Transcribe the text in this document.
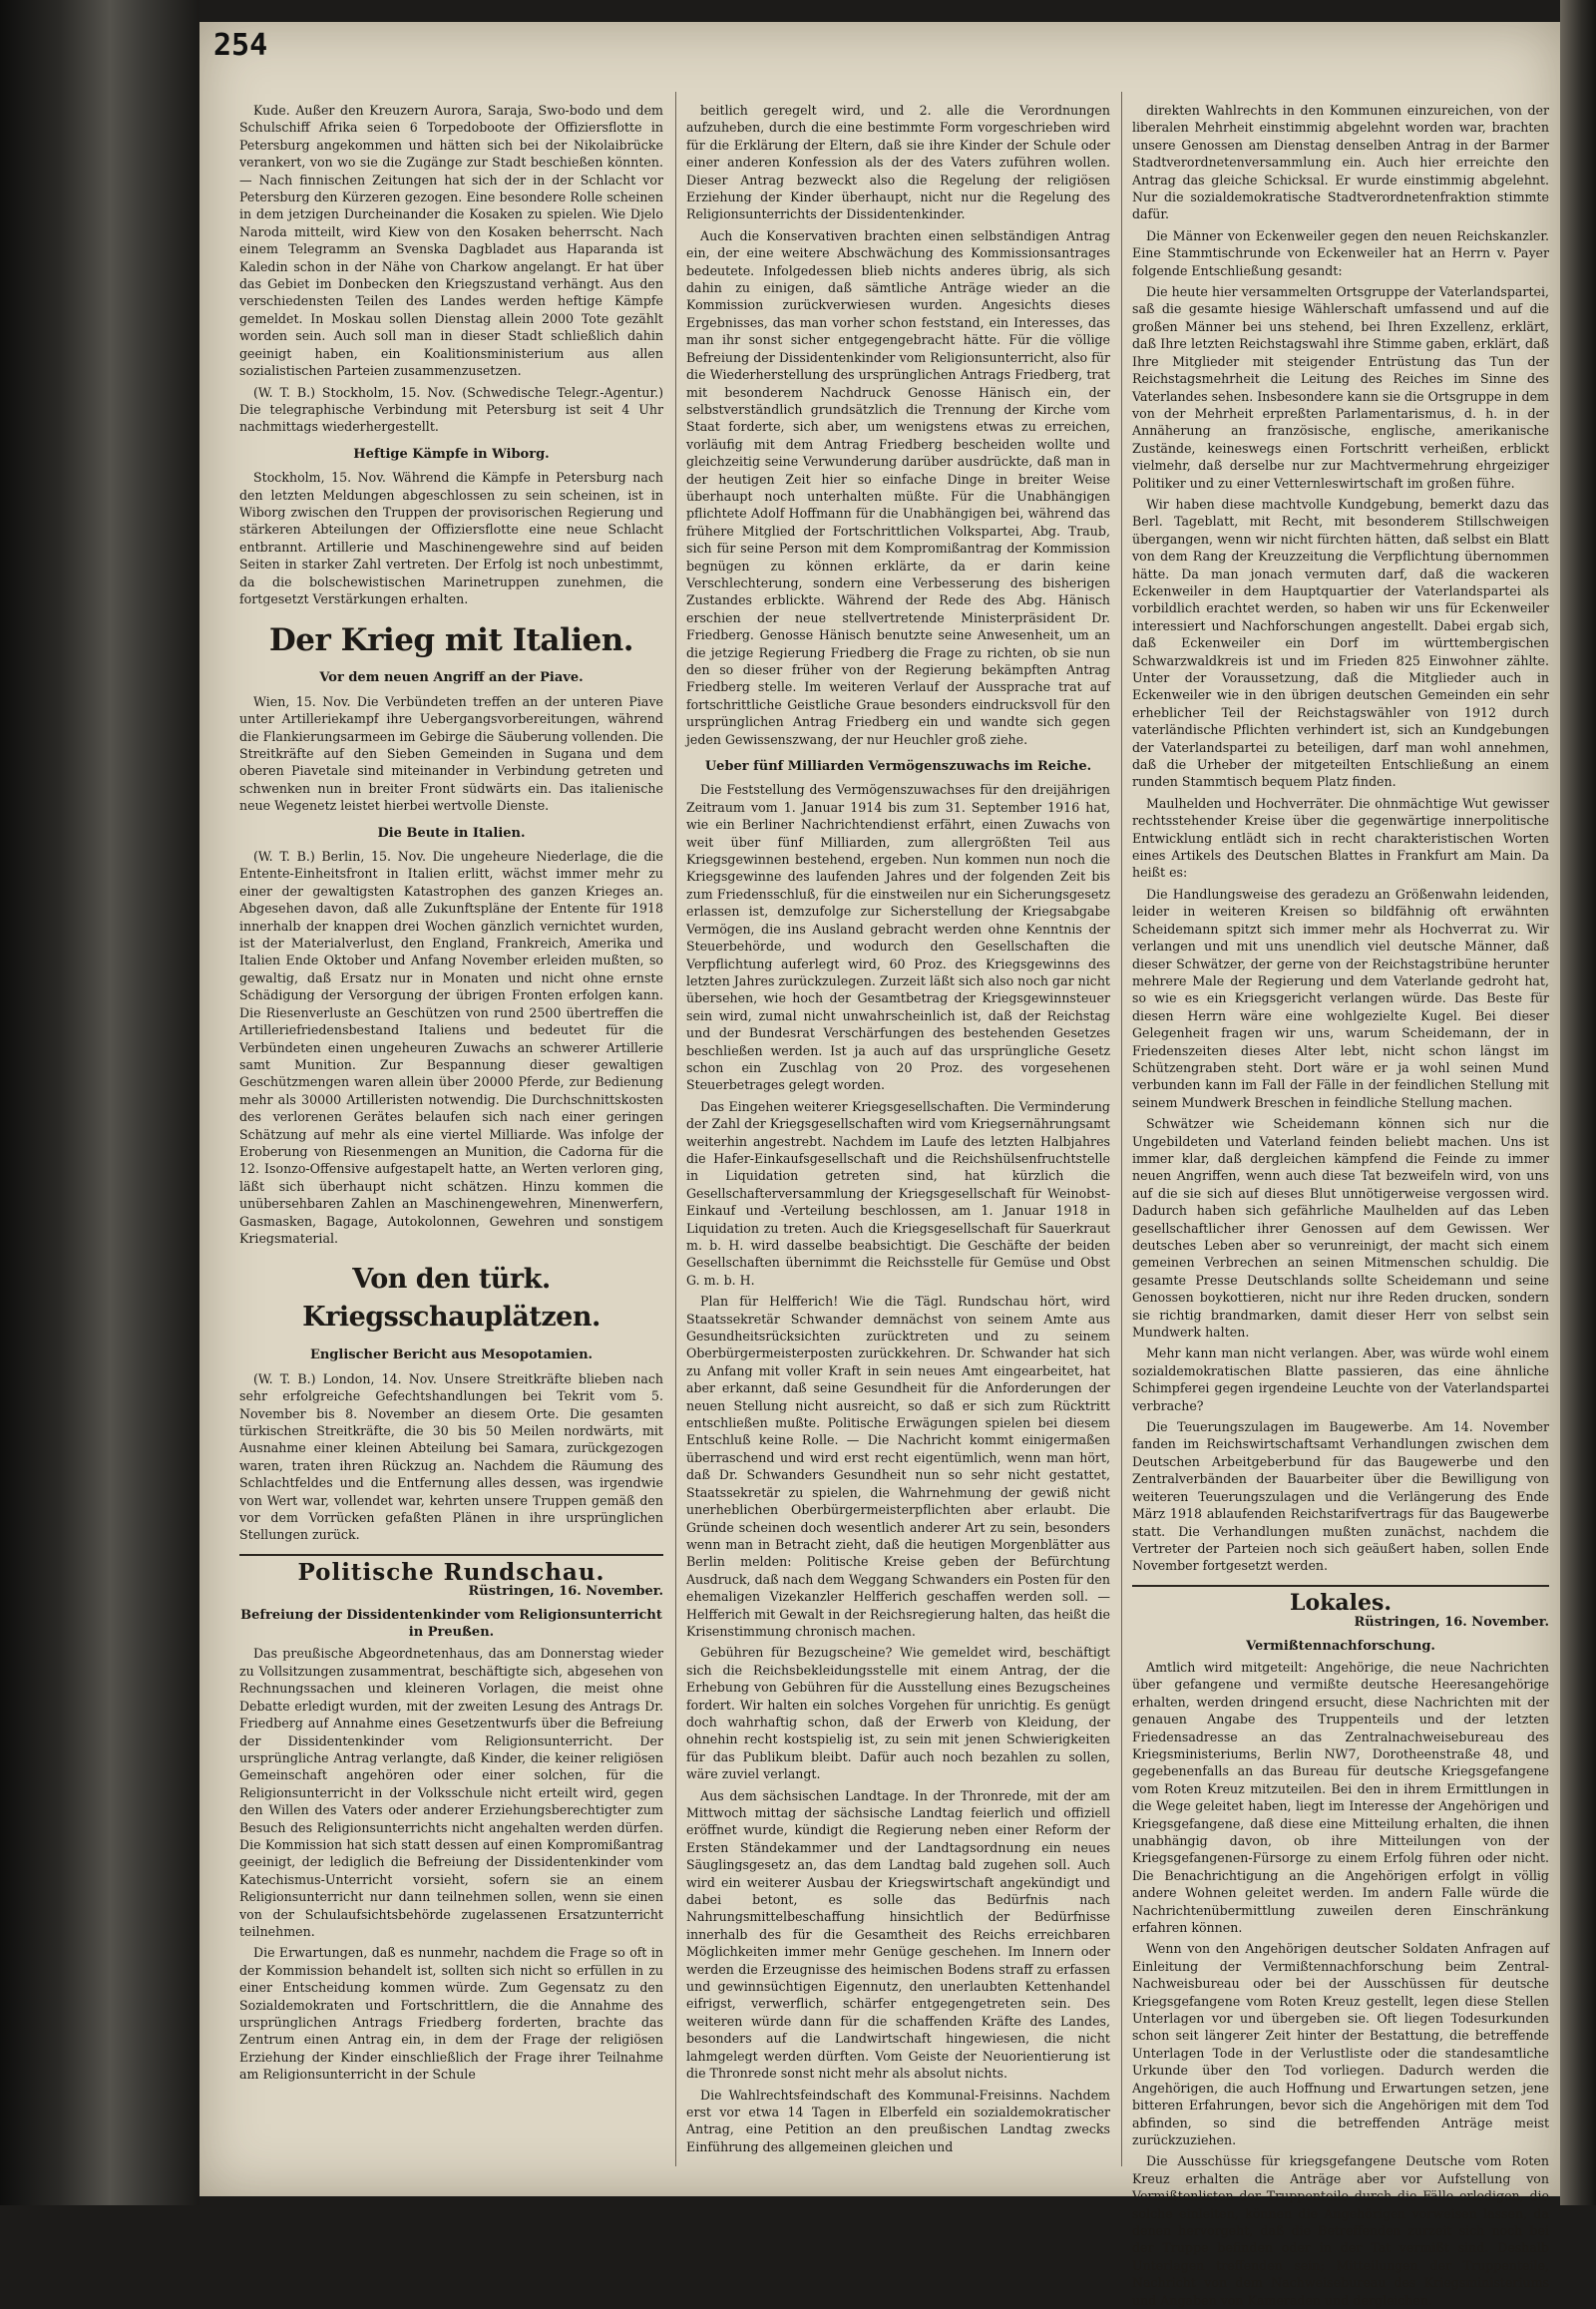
254

Kude. Außer den Kreuzern Aurora, Saraja, Swo-bodo und dem Schulschiff Afrika seien 6 Torpedoboote der Offiziersflotte in Petersburg angekommen und hätten sich bei der Nikolaibrücke verankert, von wo sie die Zugänge zur Stadt beschießen könnten. — Nach finnischen Zeitungen hat sich der in der Schlacht vor Petersburg den Kürzeren gezogen. Eine besondere Rolle scheinen in dem jetzigen Durcheinander die Kosaken zu spielen. Wie Djelo Naroda mitteilt, wird Kiew von den Kosaken beherrscht. Nach einem Telegramm an Svenska Dagbladet aus Haparanda ist Kaledin schon in der Nähe von Charkow angelangt. Er hat über das Gebiet im Donbecken den Kriegszustand verhängt. Aus den verschiedensten Teilen des Landes werden heftige Kämpfe gemeldet. In Moskau sollen Dienstag allein 2000 Tote gezählt worden sein. Auch soll man in dieser Stadt schließlich dahin geeinigt haben, ein Koalitionsministerium aus allen sozialistischen Parteien zusammenzusetzen.

(W. T. B.) Stockholm, 15. Nov. (Schwedische Telegr.-Agentur.) Die telegraphische Verbindung mit Petersburg ist seit 4 Uhr nachmittags wiederhergestellt.

Heftige Kämpfe in Wiborg.

Stockholm, 15. Nov. Während die Kämpfe in Petersburg nach den letzten Meldungen abgeschlossen zu sein scheinen, ist in Wiborg zwischen den Truppen der provisorischen Regierung und stärkeren Abteilungen der Offiziersflotte eine neue Schlacht entbrannt. Artillerie und Maschinengewehre sind auf beiden Seiten in starker Zahl vertreten. Der Erfolg ist noch unbestimmt, da die bolschewistischen Marinetruppen zunehmen, die fortgesetzt Verstärkungen erhalten.

Der Krieg mit Italien.
Vor dem neuen Angriff an der Piave.

Wien, 15. Nov. Die Verbündeten treffen an der unteren Piave unter Artilleriekampf ihre Uebergangsvorbereitungen, während die Flankierungsarmeen im Gebirge die Säuberung vollenden. Die Streitkräfte auf den Sieben Gemeinden in Sugana und dem oberen Piavetale sind miteinander in Verbindung getreten und schwenken nun in breiter Front südwärts ein. Das italienische neue Wegenetz leistet hierbei wertvolle Dienste.

Die Beute in Italien.

(W. T. B.) Berlin, 15. Nov. Die ungeheure Niederlage, die die Entente-Einheitsfront in Italien erlitt, wächst immer mehr zu einer der gewaltigsten Katastrophen des ganzen Krieges an. Abgesehen davon, daß alle Zukunftspläne der Entente für 1918 innerhalb der knappen drei Wochen gänzlich vernichtet wurden, ist der Materialverlust, den England, Frankreich, Amerika und Italien Ende Oktober und Anfang November erleiden mußten, so gewaltig, daß Ersatz nur in Monaten und nicht ohne ernste Schädigung der Versorgung der übrigen Fronten erfolgen kann. Die Riesenverluste an Geschützen von rund 2500 übertreffen die Artilleriefriedensbestand Italiens und bedeutet für die Verbündeten einen ungeheuren Zuwachs an schwerer Artillerie samt Munition. Zur Bespannung dieser gewaltigen Geschützmengen waren allein über 20000 Pferde, zur Bedienung mehr als 30000 Artilleristen notwendig. Die Durchschnittskosten des verlorenen Gerätes belaufen sich nach einer geringen Schätzung auf mehr als eine viertel Milliarde. Was infolge der Eroberung von Riesenmengen an Munition, die Cadorna für die 12. Isonzo-Offensive aufgestapelt hatte, an Werten verloren ging, läßt sich überhaupt nicht schätzen. Hinzu kommen die unübersehbaren Zahlen an Maschinengewehren, Minenwerfern, Gasmasken, Bagage, Autokolonnen, Gewehren und sonstigem Kriegsmaterial.

Von den türk. Kriegsschauplätzen.
Englischer Bericht aus Mesopotamien.

(W. T. B.) London, 14. Nov. Unsere Streitkräfte blieben nach sehr erfolgreiche Gefechtshandlungen bei Tekrit vom 5. November bis 8. November an diesem Orte. Die gesamten türkischen Streitkräfte, die 30 bis 50 Meilen nordwärts, mit Ausnahme einer kleinen Abteilung bei Samara, zurückgezogen waren, traten ihren Rückzug an. Nachdem die Räumung des Schlachtfeldes und die Entfernung alles dessen, was irgendwie von Wert war, vollendet war, kehrten unsere Truppen gemäß den vor dem Vorrücken gefaßten Plänen in ihre ursprünglichen Stellungen zurück.

Politische Rundschau.
Rüstringen, 16. November.
Befreiung der Dissidentenkinder vom Religionsunterricht in Preußen.

Das preußische Abgeordnetenhaus, das am Donnerstag wieder zu Vollsitzungen zusammentrat, beschäftigte sich, abgesehen von Rechnungssachen und kleineren Vorlagen, die meist ohne Debatte erledigt wurden, mit der zweiten Lesung des Antrags Dr. Friedberg auf Annahme eines Gesetzentwurfs über die Befreiung der Dissidentenkinder vom Religionsunterricht. Der ursprüngliche Antrag verlangte, daß Kinder, die keiner religiösen Gemeinschaft angehören oder einer solchen, für die Religionsunterricht in der Volksschule nicht erteilt wird, gegen den Willen des Vaters oder anderer Erziehungsberechtigter zum Besuch des Religionsunterrichts nicht angehalten werden dürfen. Die Kommission hat sich statt dessen auf einen Kompromißantrag geeinigt, der lediglich die Befreiung der Dissidentenkinder vom Katechismus-Unterricht vorsieht, sofern sie an einem Religionsunterricht nur dann teilnehmen sollen, wenn sie einen von der Schulaufsichtsbehörde zugelassenen Ersatzunterricht teilnehmen.

Die Erwartungen, daß es nunmehr, nachdem die Frage so oft in der Kommission behandelt ist, sollten sich nicht so erfüllen in zu einer Entscheidung kommen würde. Zum Gegensatz zu den Sozialdemokraten und Fortschrittlern, die die Annahme des ursprünglichen Antrags Friedberg forderten, brachte das Zentrum einen Antrag ein, in dem der Frage der religiösen Erziehung der Kinder einschließlich der Frage ihrer Teilnahme am Religionsunterricht in der Schule

beitlich geregelt wird, und 2. alle die Verordnungen aufzuheben, durch die eine bestimmte Form vorgeschrieben wird für die Erklärung der Eltern, daß sie ihre Kinder der Schule oder einer anderen Konfession als der des Vaters zuführen wollen. Dieser Antrag bezweckt also die Regelung der religiösen Erziehung der Kinder überhaupt, nicht nur die Regelung des Religionsunterrichts der Dissidentenkinder.

Auch die Konservativen brachten einen selbständigen Antrag ein, der eine weitere Abschwächung des Kommissionsantrages bedeutete. Infolgedessen blieb nichts anderes übrig, als sich dahin zu einigen, daß sämtliche Anträge wieder an die Kommission zurückverwiesen wurden. Angesichts dieses Ergebnisses, das man vorher schon feststand, ein Interesses, das man ihr sonst sicher entgegengebracht hätte. Für die völlige Befreiung der Dissidentenkinder vom Religionsunterricht, also für die Wiederherstellung des ursprünglichen Antrags Friedberg, trat mit besonderem Nachdruck Genosse Hänisch ein, der selbstverständlich grundsätzlich die Trennung der Kirche vom Staat forderte, sich aber, um wenigstens etwas zu erreichen, vorläufig mit dem Antrag Friedberg bescheiden wollte und gleichzeitig seine Verwunderung darüber ausdrückte, daß man in der heutigen Zeit hier so einfache Dinge in breiter Weise überhaupt noch unterhalten müßte. Für die Unabhängigen pflichtete Adolf Hoffmann für die Unabhängigen bei, während das frühere Mitglied der Fortschrittlichen Volkspartei, Abg. Traub, sich für seine Person mit dem Kompromißantrag der Kommission begnügen zu können erklärte, da er darin keine Verschlechterung, sondern eine Verbesserung des bisherigen Zustandes erblickte. Während der Rede des Abg. Hänisch erschien der neue stellvertretende Ministerpräsident Dr. Friedberg. Genosse Hänisch benutzte seine Anwesenheit, um an die jetzige Regierung Friedberg die Frage zu richten, ob sie nun den so dieser früher von der Regierung bekämpften Antrag Friedberg stelle. Im weiteren Verlauf der Aussprache trat auf fortschrittliche Geistliche Graue besonders eindrucksvoll für den ursprünglichen Antrag Friedberg ein und wandte sich gegen jeden Gewissenszwang, der nur Heuchler groß ziehe.

Ueber fünf Milliarden Vermögenszuwachs im Reiche.

Die Feststellung des Vermögenszuwachses für den dreijährigen Zeitraum vom 1. Januar 1914 bis zum 31. September 1916 hat, wie ein Berliner Nachrichtendienst erfährt, einen Zuwachs von weit über fünf Milliarden, zum allergrößten Teil aus Kriegsgewinnen bestehend, ergeben. Nun kommen nun noch die Kriegsgewinne des laufenden Jahres und der folgenden Zeit bis zum Friedensschluß, für die einstweilen nur ein Sicherungsgesetz erlassen ist, demzufolge zur Sicherstellung der Kriegsabgabe Vermögen, die ins Ausland gebracht werden ohne Kenntnis der Steuerbehörde, und wodurch den Gesellschaften die Verpflichtung auferlegt wird, 60 Proz. des Kriegsgewinns des letzten Jahres zurückzulegen. Zurzeit läßt sich also noch gar nicht übersehen, wie hoch der Gesamtbetrag der Kriegsgewinnsteuer sein wird, zumal nicht unwahrscheinlich ist, daß der Reichstag und der Bundesrat Verschärfungen des bestehenden Gesetzes beschließen werden. Ist ja auch auf das ursprüngliche Gesetz schon ein Zuschlag von 20 Proz. des vorgesehenen Steuerbetrages gelegt worden.

Das Eingehen weiterer Kriegsgesellschaften. Die Verminderung der Zahl der Kriegsgesellschaften wird vom Kriegsernährungsamt weiterhin angestrebt. Nachdem im Laufe des letzten Halbjahres die Hafer-Einkaufsgesellschaft und die Reichshülsenfruchtstelle in Liquidation getreten sind, hat kürzlich die Gesellschafterversammlung der Kriegsgesellschaft für Weinobst-Einkauf und -Verteilung beschlossen, am 1. Januar 1918 in Liquidation zu treten. Auch die Kriegsgesellschaft für Sauerkraut m. b. H. wird dasselbe beabsichtigt. Die Geschäfte der beiden Gesellschaften übernimmt die Reichsstelle für Gemüse und Obst G. m. b. H.

Plan für Helfferich! Wie die Tägl. Rundschau hört, wird Staatssekretär Schwander demnächst von seinem Amte aus Gesundheitsrücksichten zurücktreten und zu seinem Oberbürgermeisterposten zurückkehren. Dr. Schwander hat sich zu Anfang mit voller Kraft in sein neues Amt eingearbeitet, hat aber erkannt, daß seine Gesundheit für die Anforderungen der neuen Stellung nicht ausreicht, so daß er sich zum Rücktritt entschließen mußte. Politische Erwägungen spielen bei diesem Entschluß keine Rolle. — Die Nachricht kommt einigermaßen überraschend und wird erst recht eigentümlich, wenn man hört, daß Dr. Schwanders Gesundheit nun so sehr nicht gestattet, Staatssekretär zu spielen, die Wahrnehmung der gewiß nicht unerheblichen Oberbürgermeisterpflichten aber erlaubt. Die Gründe scheinen doch wesentlich anderer Art zu sein, besonders wenn man in Betracht zieht, daß die heutigen Morgenblätter aus Berlin melden: Politische Kreise geben der Befürchtung Ausdruck, daß nach dem Weggang Schwanders ein Posten für den ehemaligen Vizekanzler Helfferich geschaffen werden soll. — Helfferich mit Gewalt in der Reichsregierung halten, das heißt die Krisenstimmung chronisch machen.

Gebühren für Bezugscheine? Wie gemeldet wird, beschäftigt sich die Reichsbekleidungsstelle mit einem Antrag, der die Erhebung von Gebühren für die Ausstellung eines Bezugscheines fordert. Wir halten ein solches Vorgehen für unrichtig. Es genügt doch wahrhaftig schon, daß der Erwerb von Kleidung, der ohnehin recht kostspielig ist, zu sein mit jenen Schwierigkeiten für das Publikum bleibt. Dafür auch noch bezahlen zu sollen, wäre zuviel verlangt.

Aus dem sächsischen Landtage. In der Thronrede, mit der am Mittwoch mittag der sächsische Landtag feierlich und offiziell eröffnet wurde, kündigt die Regierung neben einer Reform der Ersten Ständekammer und der Landtagsordnung ein neues Säuglingsgesetz an, das dem Landtag bald zugehen soll. Auch wird ein weiterer Ausbau der Kriegswirtschaft angekündigt und dabei betont, es solle das Bedürfnis nach Nahrungsmittelbeschaffung hinsichtlich der Bedürfnisse innerhalb des für die Gesamtheit des Reichs erreichbaren Möglichkeiten immer mehr Genüge geschehen. Im Innern oder werden die Erzeugnisse des heimischen Bodens straff zu erfassen und gewinnsüchtigen Eigennutz, den unerlaubten Kettenhandel eifrigst, verwerflich, schärfer entgegengetreten sein. Des weiteren würde dann für die schaffenden Kräfte des Landes, besonders auf die Landwirtschaft hingewiesen, die nicht lahmgelegt werden dürften. Vom Geiste der Neuorientierung ist die Thronrede sonst nicht mehr als absolut nichts.

Die Wahlrechtsfeindschaft des Kommunal-Freisinns. Nachdem erst vor etwa 14 Tagen in Elberfeld ein sozialdemokratischer Antrag, eine Petition an den preußischen Landtag zwecks Einführung des allgemeinen gleichen und

direkten Wahlrechts in den Kommunen einzureichen, von der liberalen Mehrheit einstimmig abgelehnt worden war, brachten unsere Genossen am Dienstag denselben Antrag in der Barmer Stadtverordnetenversammlung ein. Auch hier erreichte den Antrag das gleiche Schicksal. Er wurde einstimmig abgelehnt. Nur die sozialdemokratische Stadtverordnetenfraktion stimmte dafür.

Die Männer von Eckenweiler gegen den neuen Reichskanzler. Eine Stammtischrunde von Eckenweiler hat an Herrn v. Payer folgende Entschließung gesandt:

Die heute hier versammelten Ortsgruppe der Vaterlandspartei, saß die gesamte hiesige Wählerschaft umfassend und auf die großen Männer bei uns stehend, bei Ihren Exzellenz, erklärt, daß Ihre letzten Reichstagswahl ihre Stimme gaben, erklärt, daß Ihre Mitglieder mit steigender Entrüstung das Tun der Reichstagsmehrheit die Leitung des Reiches im Sinne des Vaterlandes sehen. Insbesondere kann sie die Ortsgruppe in dem von der Mehrheit erpreßten Parlamentarismus, d. h. in der Annäherung an französische, englische, amerikanische Zustände, keineswegs einen Fortschritt verheißen, erblickt vielmehr, daß derselbe nur zur Machtvermehrung ehrgeiziger Politiker und zu einer Vetternleswirtschaft im großen führe.

Wir haben diese machtvolle Kundgebung, bemerkt dazu das Berl. Tageblatt, mit Recht, mit besonderem Stillschweigen übergangen, wenn wir nicht fürchten hätten, daß selbst ein Blatt von dem Rang der Kreuzzeitung die Verpflichtung übernommen hätte. Da man jonach vermuten darf, daß die wackeren Eckenweiler in dem Hauptquartier der Vaterlandspartei als vorbildlich erachtet werden, so haben wir uns für Eckenweiler interessiert und Nachforschungen angestellt. Dabei ergab sich, daß Eckenweiler ein Dorf im württembergischen Schwarzwaldkreis ist und im Frieden 825 Einwohner zählte. Unter der Voraussetzung, daß die Mitglieder auch in Eckenweiler wie in den übrigen deutschen Gemeinden ein sehr erheblicher Teil der Reichstagswähler von 1912 durch vaterländische Pflichten verhindert ist, sich an Kundgebungen der Vaterlandspartei zu beteiligen, darf man wohl annehmen, daß die Urheber der mitgeteilten Entschließung an einem runden Stammtisch bequem Platz finden.

Maulhelden und Hochverräter. Die ohnmächtige Wut gewisser rechtsstehender Kreise über die gegenwärtige innerpolitische Entwicklung entlädt sich in recht charakteristischen Worten eines Artikels des Deutschen Blattes in Frankfurt am Main. Da heißt es:

Die Handlungsweise des geradezu an Größenwahn leidenden, leider in weiteren Kreisen so bildfähnig oft erwähnten Scheidemann spitzt sich immer mehr als Hochverrat zu. Wir verlangen und mit uns unendlich viel deutsche Männer, daß dieser Schwätzer, der gerne von der Reichstagstribüne herunter mehrere Male der Regierung und dem Vaterlande gedroht hat, so wie es ein Kriegsgericht verlangen würde. Das Beste für diesen Herrn wäre eine wohlgezielte Kugel. Bei dieser Gelegenheit fragen wir uns, warum Scheidemann, der in Friedenszeiten dieses Alter lebt, nicht schon längst im Schützengraben steht. Dort wäre er ja wohl seinen Mund verbunden kann im Fall der Fälle in der feindlichen Stellung mit seinem Mundwerk Breschen in feindliche Stellung machen.

Schwätzer wie Scheidemann können sich nur die Ungebildeten und Vaterland feinden beliebt machen. Uns ist immer klar, daß dergleichen kämpfend die Feinde zu immer neuen Angriffen, wenn auch diese Tat bezweifeln wird, von uns auf die sie sich auf dieses Blut unnötigerweise vergossen wird. Dadurch haben sich gefährliche Maulhelden auf das Leben gesellschaftlicher ihrer Genossen auf dem Gewissen. Wer deutsches Leben aber so verunreinigt, der macht sich einem gemeinen Verbrechen an seinen Mitmenschen schuldig. Die gesamte Presse Deutschlands sollte Scheidemann und seine Genossen boykottieren, nicht nur ihre Reden drucken, sondern sie richtig brandmarken, damit dieser Herr von selbst sein Mundwerk halten.

Mehr kann man nicht verlangen. Aber, was würde wohl einem sozialdemokratischen Blatte passieren, das eine ähnliche Schimpferei gegen irgendeine Leuchte von der Vaterlandspartei verbrache?

Die Teuerungszulagen im Baugewerbe. Am 14. November fanden im Reichswirtschaftsamt Verhandlungen zwischen dem Deutschen Arbeitgeberbund für das Baugewerbe und den Zentralverbänden der Bauarbeiter über die Bewilligung von weiteren Teuerungszulagen und die Verlängerung des Ende März 1918 ablaufenden Reichstarifvertrags für das Baugewerbe statt. Die Verhandlungen mußten zunächst, nachdem die Vertreter der Parteien noch sich geäußert haben, sollen Ende November fortgesetzt werden.

Lokales.
Rüstringen, 16. November.
Vermißtennachforschung.

Amtlich wird mitgeteilt: Angehörige, die neue Nachrichten über gefangene und vermißte deutsche Heeresangehörige erhalten, werden dringend ersucht, diese Nachrichten mit der genauen Angabe des Truppenteils und der letzten Friedensadresse an das Zentralnachweisebureau des Kriegsministeriums, Berlin NW7, Dorotheenstraße 48, und gegebenenfalls an das Bureau für deutsche Kriegsgefangene vom Roten Kreuz mitzuteilen. Bei den in ihrem Ermittlungen in die Wege geleitet haben, liegt im Interesse der Angehörigen und Kriegsgefangene, daß diese eine Mitteilung erhalten, die ihnen unabhängig davon, ob ihre Mitteilungen von der Kriegsgefangenen-Fürsorge zu einem Erfolg führen oder nicht. Die Benachrichtigung an die Angehörigen erfolgt in völlig andere Wohnen geleitet werden. Im andern Falle würde die Nachrichtenübermittlung zuweilen deren Einschränkung erfahren können.

Wenn von den Angehörigen deutscher Soldaten Anfragen auf Einleitung der Vermißtennachforschung beim Zentral-Nachweisbureau oder bei der Ausschüssen für deutsche Kriegsgefangene vom Roten Kreuz gestellt, legen diese Stellen Unterlagen vor und übergeben sie. Oft liegen Todesurkunden schon seit längerer Zeit hinter der Bestattung, die betreffende Unterlagen Tode in der Verlustliste oder die standesamtliche Urkunde über den Tod vorliegen. Dadurch werden die Angehörigen, die auch Hoffnung und Erwartungen setzen, jene bitteren Erfahrungen, bevor sich die Angehörigen mit dem Tod abfinden, so sind die betreffenden Anträge meist zurückzuziehen.

Die Ausschüsse für kriegsgefangene Deutsche vom Roten Kreuz erhalten die Anträge aber vor Aufstellung von Vermißtenlisten der Truppenteile durch die Fälle erledigen, die solche einleiten, können die Angehörigen vorweisen lassen, da denen hervorgeht, daß die Betreffenden zurzeit sich noch bei der Truppe befinden oder in der Tat vermißt sind. Deshalb Unterlagen treffenden sein; Mitteilungen der Truppenteile, Nachricht von dem Nachweisebureau des Kriegsministeriums und Angaben von Kameraden und dergleichen.
